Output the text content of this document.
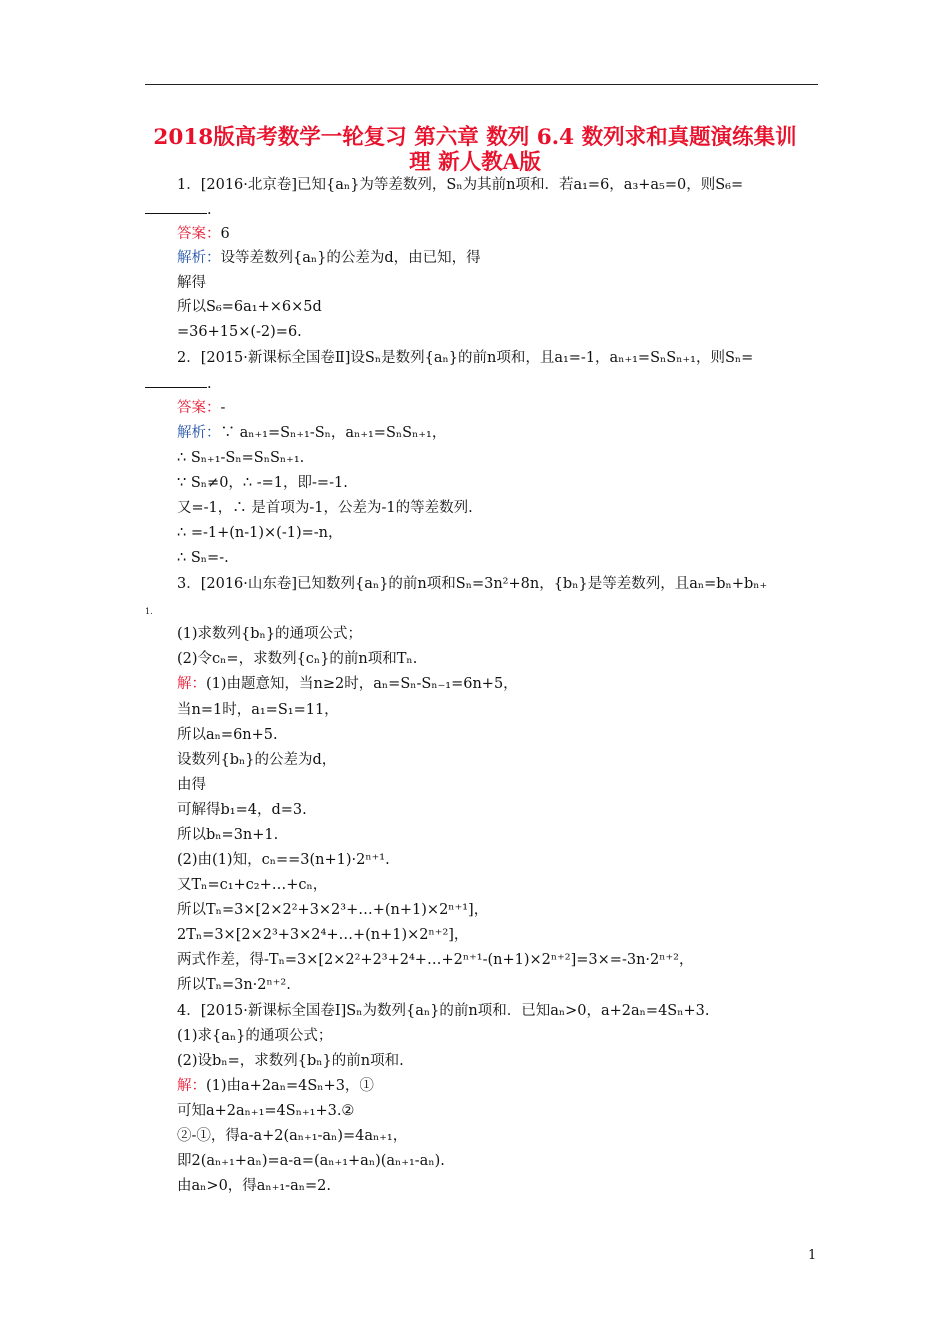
2018版高考数学一轮复习 第六章 数列 6.4 数列求和真题演练集训
理 新人教A版
1．[2016·北京卷]已知{aₙ}为等差数列，Sₙ为其前n项和．若a₁=6，a₃+a₅=0，则S₆=
.
答案：6
解析：设等差数列{aₙ}的公差为d，由已知，得
解得
所以S₆=6a₁+×6×5d
=36+15×(-2)=6.
2．[2015·新课标全国卷Ⅱ]设Sₙ是数列{aₙ}的前n项和，且a₁=-1，aₙ₊₁=SₙSₙ₊₁，则Sₙ=
.
答案：-
解析：∵ aₙ₊₁=Sₙ₊₁-Sₙ，aₙ₊₁=SₙSₙ₊₁，
∴ Sₙ₊₁-Sₙ=SₙSₙ₊₁.
∵ Sₙ≠0，∴ -=1，即-=-1.
又=-1，∴ 是首项为-1，公差为-1的等差数列.
∴ =-1+(n-1)×(-1)=-n，
∴ Sₙ=-.
3．[2016·山东卷]已知数列{aₙ}的前n项和Sₙ=3n²+8n，{bₙ}是等差数列，且aₙ=bₙ+bₙ₊
1.
(1)求数列{bₙ}的通项公式；
(2)令cₙ=，求数列{cₙ}的前n项和Tₙ.
解：(1)由题意知，当n≥2时，aₙ=Sₙ-Sₙ₋₁=6n+5，
当n=1时，a₁=S₁=11，
所以aₙ=6n+5.
设数列{bₙ}的公差为d，
由得
可解得b₁=4，d=3.
所以bₙ=3n+1.
(2)由(1)知，cₙ==3(n+1)·2ⁿ⁺¹.
又Tₙ=c₁+c₂+…+cₙ，
所以Tₙ=3×[2×2²+3×2³+…+(n+1)×2ⁿ⁺¹]，
2Tₙ=3×[2×2³+3×2⁴+…+(n+1)×2ⁿ⁺²]，
两式作差，得-Tₙ=3×[2×2²+2³+2⁴+…+2ⁿ⁺¹-(n+1)×2ⁿ⁺²]=3×=-3n·2ⁿ⁺²，
所以Tₙ=3n·2ⁿ⁺².
4．[2015·新课标全国卷Ⅰ]Sₙ为数列{aₙ}的前n项和．已知aₙ>0，a+2aₙ=4Sₙ+3.
(1)求{aₙ}的通项公式；
(2)设bₙ=，求数列{bₙ}的前n项和.
解：(1)由a+2aₙ=4Sₙ+3，①
可知a+2aₙ₊₁=4Sₙ₊₁+3.②
②-①，得a-a+2(aₙ₊₁-aₙ)=4aₙ₊₁，
即2(aₙ₊₁+aₙ)=a-a=(aₙ₊₁+aₙ)(aₙ₊₁-aₙ).
由aₙ>0，得aₙ₊₁-aₙ=2.
1
